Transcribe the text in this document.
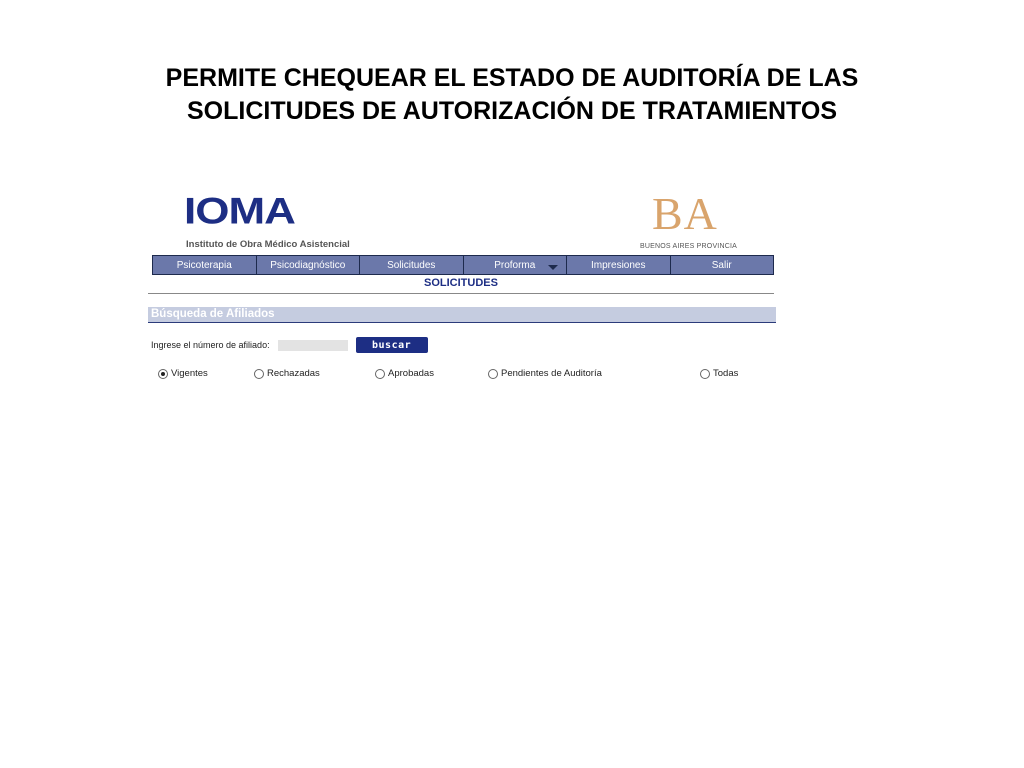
PERMITE CHEQUEAR EL ESTADO DE AUDITORÍA DE LAS
SOLICITUDES DE AUTORIZACIÓN DE TRATAMIENTOS
IOMA
Instituto de Obra Médico Asistencial
BA
BUENOS AIRES PROVINCIA
Psicoterapia	Psicodiagnóstico	Solicitudes	Proforma	Impresiones	Salir
SOLICITUDES
Búsqueda de Afiliados
Ingrese el número de afiliado:	buscar
Vigentes	Rechazadas	Aprobadas	Pendientes de Auditoría	Todas
